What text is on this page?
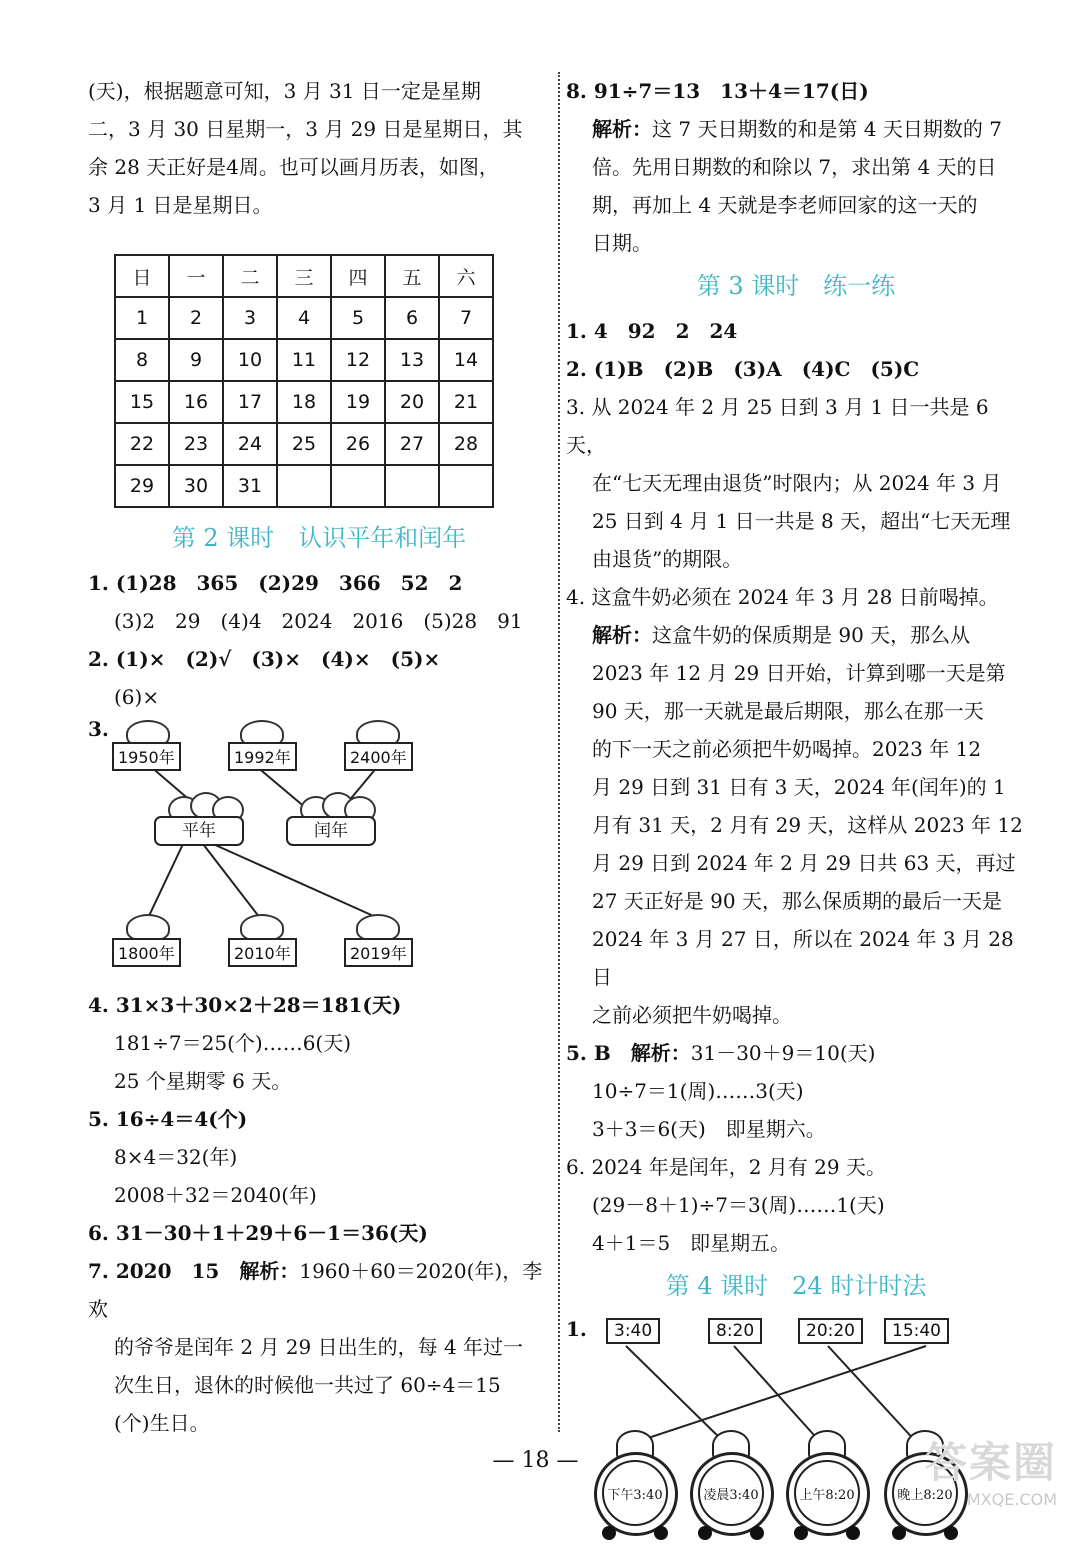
(天)，根据题意可知，3 月 31 日一定是星期

二，3 月 30 日星期一，3 月 29 日是星期日，其

余 28 天正好是4周。也可以画月历表，如图，

3 月 1 日是星期日。

日	一	二	三	四	五	六
1	2	3	4	5	6	7
8	9	10	11	12	13	14
15	16	17	18	19	20	21
22	23	24	25	26	27	28
29	30	31				
第 2 课时　认识平年和闰年

1. (1)28　365　(2)29　366　52　2

(3)2　29　(4)4　2024　2016　(5)28　91

2. (1)×　(2)√　(3)×　(4)×　(5)×

(6)×

3.
1950年	1992年	2400年
平年	闰年
1800年	2010年	2019年

4. 31×3＋30×2＋28＝181(天)

181÷7＝25(个)……6(天)

25 个星期零 6 天。

5. 16÷4＝4(个)

8×4＝32(年)

2008＋32＝2040(年)

6. 31－30＋1＋29＋6－1＝36(天)

7. 2020　15　解析：1960＋60＝2020(年)，李欢

的爷爷是闰年 2 月 29 日出生的，每 4 年过一

次生日，退休的时候他一共过了 60÷4＝15

(个)生日。

8. 91÷7＝13　13＋4＝17(日)

解析：这 7 天日期数的和是第 4 天日期数的 7

倍。先用日期数的和除以 7，求出第 4 天的日

期，再加上 4 天就是李老师回家的这一天的

日期。

第 3 课时　练一练

1. 4　92　2　24

2. (1)B　(2)B　(3)A　(4)C　(5)C

3. 从 2024 年 2 月 25 日到 3 月 1 日一共是 6 天，

在“七天无理由退货”时限内；从 2024 年 3 月

25 日到 4 月 1 日一共是 8 天，超出“七天无理

由退货”的期限。

4. 这盒牛奶必须在 2024 年 3 月 28 日前喝掉。

解析：这盒牛奶的保质期是 90 天，那么从

2023 年 12 月 29 日开始，计算到哪一天是第

90 天，那一天就是最后期限，那么在那一天

的下一天之前必须把牛奶喝掉。2023 年 12

月 29 日到 31 日有 3 天，2024 年(闰年)的 1

月有 31 天，2 月有 29 天，这样从 2023 年 12

月 29 日到 2024 年 2 月 29 日共 63 天，再过

27 天正好是 90 天，那么保质期的最后一天是

2024 年 3 月 27 日，所以在 2024 年 3 月 28 日

之前必须把牛奶喝掉。

5. B　解析：31－30＋9＝10(天)

10÷7＝1(周)……3(天)

3＋3＝6(天)　即星期六。

6. 2024 年是闰年，2 月有 29 天。

(29－8＋1)÷7＝3(周)……1(天)

4＋1＝5　即星期五。

第 4 课时　24 时计时法
1.	3:40	8:20	20:20	15:40
下午3:40	凌晨3:40	上午8:20	晚上8:20
— 18 —	答案圈
MXQE.COM
